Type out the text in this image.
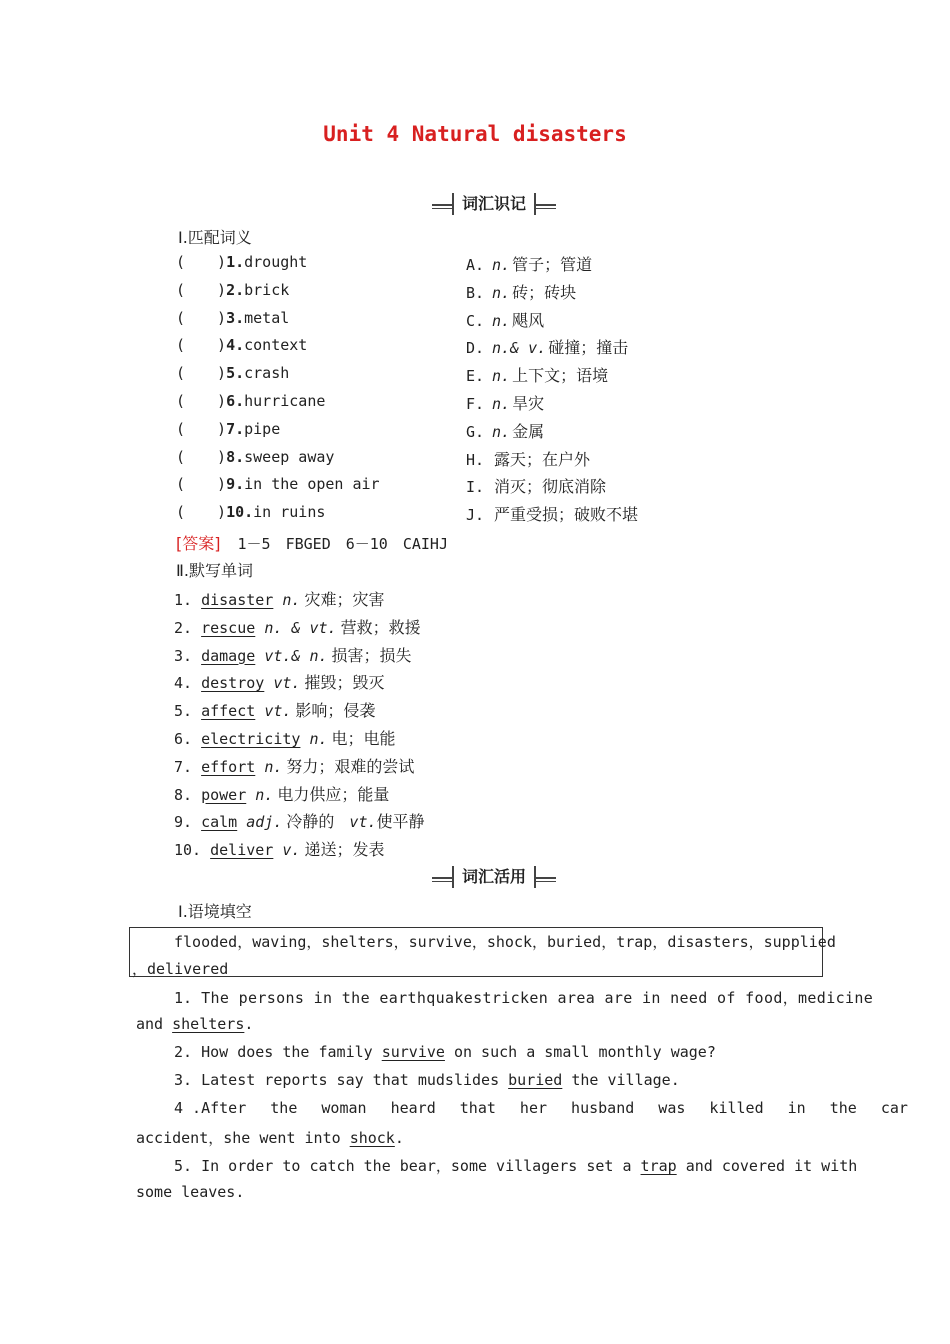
Unit 4 Natural disasters
词汇识记
Ⅰ.匹配词义
( )1.drought	A. n. 管子；管道
( )2.brick	B. n. 砖；砖块
( )3.metal	C. n. 飓风
( )4.context	D. n.& v. 碰撞；撞击
( )5.crash	E. n. 上下文；语境
( )6.hurricane	F. n. 旱灾
( )7.pipe	G. n. 金属
( )8.sweep away	H. 露天；在户外
( )9.in the open air	I. 消灭；彻底消除
( )10.in ruins	J. 严重受损；破败不堪
[答案] 1－5　FBGED　6－10　CAIHJ
Ⅱ.默写单词
1. disaster n. 灾难；灾害
2. rescue n. & vt. 营救；救援
3. damage vt.& n. 损害；损失
4. destroy vt. 摧毁；毁灭
5. affect vt. 影响；侵袭
6. electricity n. 电；电能
7. effort n. 努力；艰难的尝试
8. power n. 电力供应；能量
9. calm adj. 冷静的 vt.使平静
10. deliver v. 递送；发表
词汇活用
Ⅰ.语境填空
flooded，waving，shelters，survive，shock，buried，trap，disasters，supplied
，delivered
1. The persons in the earthquakestricken area are in need of food，medicine
and shelters.
2. How does the family survive on such a small monthly wage?
3. Latest reports say that mudslides buried the village.
4 . After the woman heard that her husband was killed in the car
accident，she went into shock.
5. In order to catch the bear，some villagers set a trap and covered it with
some leaves.
